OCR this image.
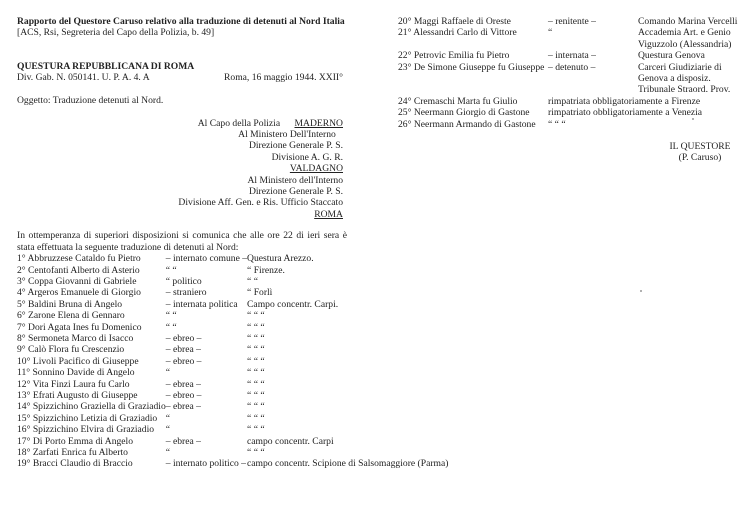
Rapporto del Questore Caruso relativo alla traduzione di detenuti al Nord Italia
[ACS, Rsi, Segreteria del Capo della Polizia, b. 49]
QUESTURA REPUBBLICANA DI ROMA
Div. Gab. N. 050141. U. P. A. 4. A	Roma, 16 maggio 1944. XXII°
Oggetto: Traduzione detenuti al Nord.
Al Capo della Polizia MADERNO
Al Ministero Dell'Interno
Direzione Generale P. S.
Divisione A. G. R.
VALDAGNO
Al Ministero dell'Interno
Direzione Generale P. S.
Divisione Aff. Gen. e Ris. Ufficio Staccato
ROMA
In ottemperanza di superiori disposizioni si comunica che alle ore 22 di ieri sera è stata effettuata la seguente traduzione di detenuti al Nord:
1° Abbruzzese Cataldo fu Pietro	– internato comune –	Questura Arezzo.
2° Centofanti Alberto di Asterio	“ “	“ Firenze.
3° Coppa Giovanni di Gabriele	“ politico	“ “
4° Argeros Emanuele di Giorgio	– straniero	“ Forlì
5° Baldini Bruna di Angelo	– internata politica	Campo concentr. Carpi.
6° Zarone Elena di Gennaro	“ “	“ “ “
7° Dori Agata Ines fu Domenico	“ “	“ “ “
8° Sermoneta Marco di Isacco	– ebreo –	“ “ “
9° Calò Flora fu Crescenzio	– ebrea –	“ “ “
10° Livoli Pacifico di Giuseppe	– ebreo –	“ “ “
11° Sonnino Davide di Angelo	“	“ “ “
12° Vita Finzi Laura fu Carlo	– ebrea –	“ “ “
13° Efrati Augusto di Giuseppe	– ebreo –	“ “ “
14° Spizzichino Graziella di Graziadio	– ebrea –	“ “ “
15° Spizzichino Letizia di Graziadio	“	“ “ “
16° Spizzichino Elvira di Graziadio	“	“ “ “
17° Di Porto Emma di Angelo	– ebrea –	campo concentr. Carpi
18° Zarfati Enrica fu Alberto	“	“ “ “
19° Bracci Claudio di Braccio	– internato politico –	campo concentr. Scipione di Salsomaggiore (Parma)
20° Maggi Raffaele di Oreste	– renitente –	Comando Marina Vercelli
21° Alessandri Carlo di Vittore	“	Accademia Art. e Genio Viguzzolo (Alessandria)
22° Petrovic Emilia fu Pietro	– internata –	Questura Genova
23° De Simone Giuseppe fu Giuseppe	– detenuto –	Carceri Giudiziarie di Genova a disposiz. Tribunale Straord. Prov.
24° Cremaschi Marta fu Giulio	rimpatriata obbligatoriamente a Firenze	
25° Neermann Giorgio di Gastone	rimpatriato obbligatoriamente a Venezia	
26° Neermann Armando di Gastone	“ “ “	
IL QUESTORE
(P. Caruso)
